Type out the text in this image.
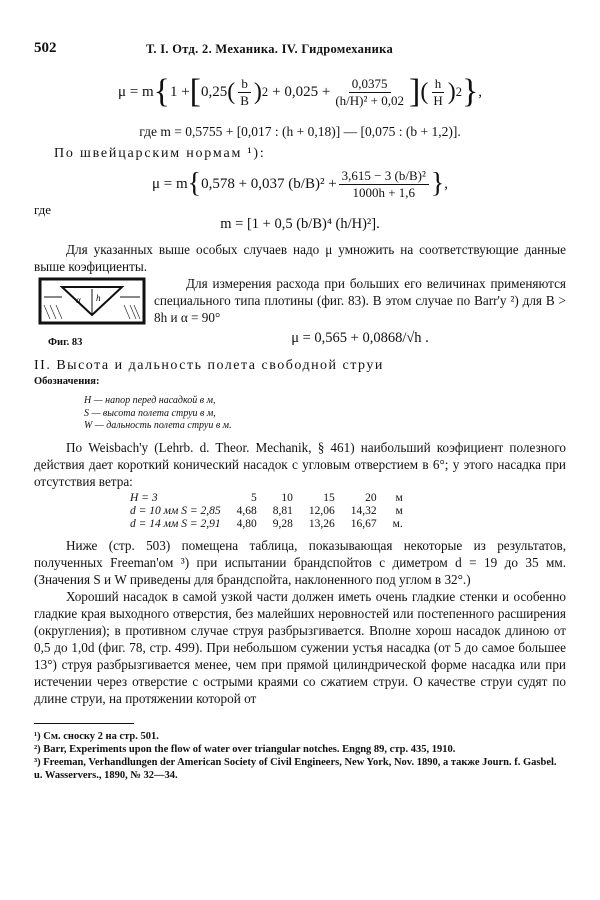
502	Т. I. Отд. 2. Механика. IV. Гидромеханика
μ = m { 1 + [ 0,25 ( $\frac{b}{B}$ ) $2 + 0,025 + \frac{0,0375}{\text{(h/H)² + 0,02}}$ ] ( $\frac{h}{H}$ ) 2 } ,
где m = 0,5755 + [0,017 : (h + 0,18)] — [0,075 : (b + 1,2)].
По швейцарским нормам ¹):
μ = m { 0,578 + 0,037 $(b/B)^2 + \frac{\text{3,615 − 3 (b/B)²}}{1000h + 1,6}$ } ,
где
m = [1 + 0,5 (b/B)⁴ (h/H)²].
Для указанных выше особых случаев надо μ умножить на соответствующие данные выше коэфициенты.
α h
Фиг. 83
Для измерения расхода при больших его величинах применяются специального типа плотины (фиг. 83). В этом случае по Barr'у ²) для B > 8h и α = 90°
μ = 0,565 + 0,0868/√h .
II. Высота и дальность полета свободной струи
Обозначения:
H — напор перед насадкой в м,
S — высота полета струи в м,
W — дальность полета струи в м.
По Weisbach'y (Lehrb. d. Theor. Mechanik, § 461) наибольший коэфициент полезного действия дает короткий конический насадок с угловым отверстием в 6°; у этого насадка при отсутствия ветра:
H = 3	5	10	15	20	м
d = 10 мм S = 2,85	4,68	8,81	12,06	14,32	м
d = 14 мм S = 2,91	4,80	9,28	13,26	16,67	м.
Ниже (стр. 503) помещена таблица, показывающая некоторые из результатов, полученных Freeman'ом ³) при испытании брандспойтов с диметром d = 19 до 35 мм. (Значения S и W приведены для брандспойта, наклоненного под углом в 32°.)
Хороший насадок в самой узкой части должен иметь очень гладкие стенки и особенно гладкие края выходного отверстия, без малейших неровностей или постепенного расширения (округления); в противном случае струя разбрызгивается. Вполне хорош насадок длиною от 0,5 до 1,0d (фиг. 78, стр. 499). При небольшом сужении устья насадка (от 5 до самое большее 13°) струя разбрызгивается менее, чем при прямой цилиндрической форме насадка или при истечении через отверстие с острыми краями со сжатием струи. О качестве струи судят по длине струи, на протяжении которой от
¹) См. сноску 2 на стр. 501.
²) Barr, Experiments upon the flow of water over triangular notches. Engng 89, стр. 435, 1910.
³) Freeman, Verhandlungen der American Society of Civil Engineers, New York, Nov. 1890, а также Journ. f. Gasbel. u. Wasservers., 1890, № 32—34.
